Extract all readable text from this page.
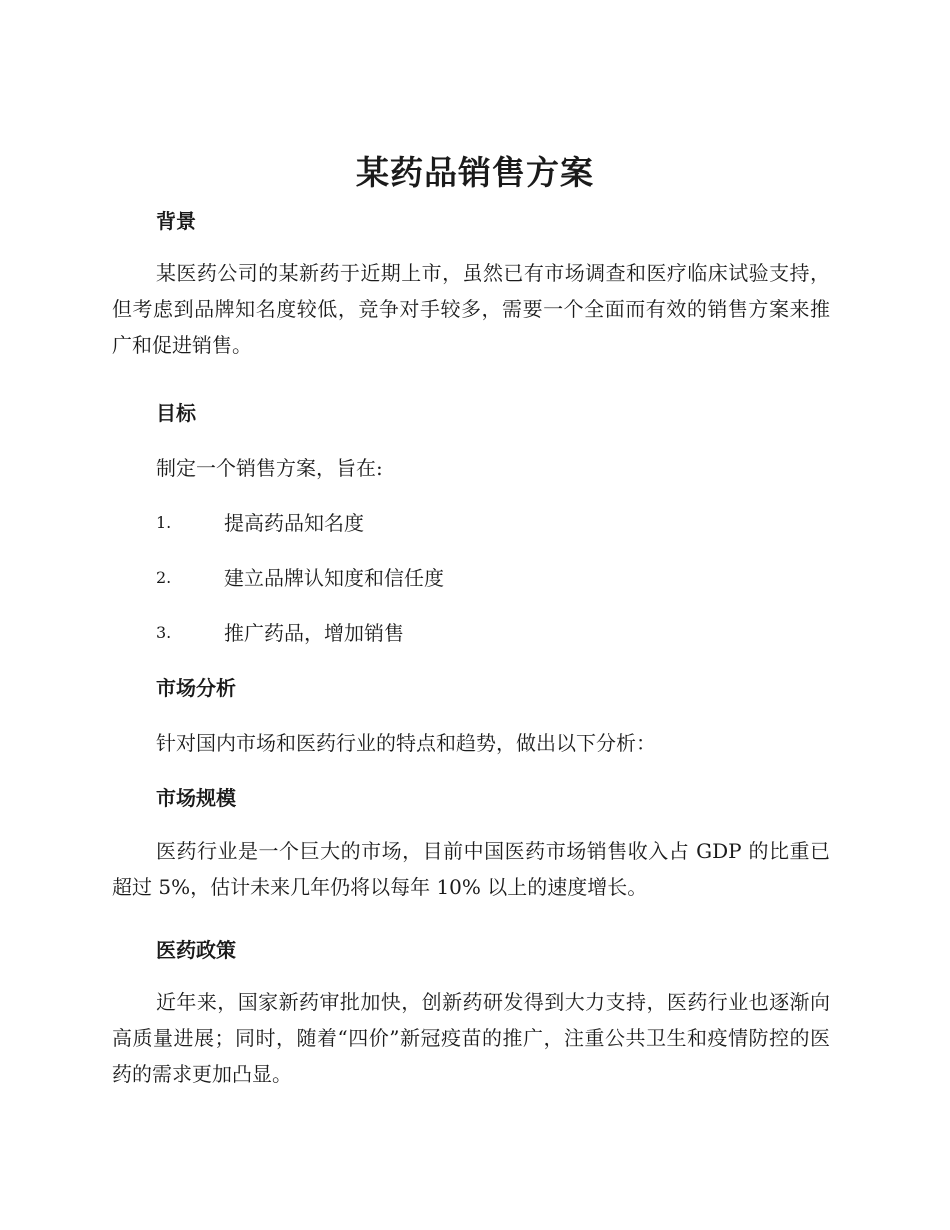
某药品销售方案
背景
某医药公司的某新药于近期上市，虽然已有市场调查和医疗临床试验支持，但考虑到品牌知名度较低，竞争对手较多，需要一个全面而有效的销售方案来推广和促进销售。
目标
制定一个销售方案，旨在:
1.	提高药品知名度
2.	建立品牌认知度和信任度
3.	推广药品，增加销售
市场分析
针对国内市场和医药行业的特点和趋势，做出以下分析：
市场规模
医药行业是一个巨大的市场，目前中国医药市场销售收入占 GDP 的比重已超过 5%，估计未来几年仍将以每年 10% 以上的速度增长。
医药政策
近年来，国家新药审批加快，创新药研发得到大力支持，医药行业也逐渐向高质量进展；同时，随着“四价”新冠疫苗的推广，注重公共卫生和疫情防控的医药的需求更加凸显。
